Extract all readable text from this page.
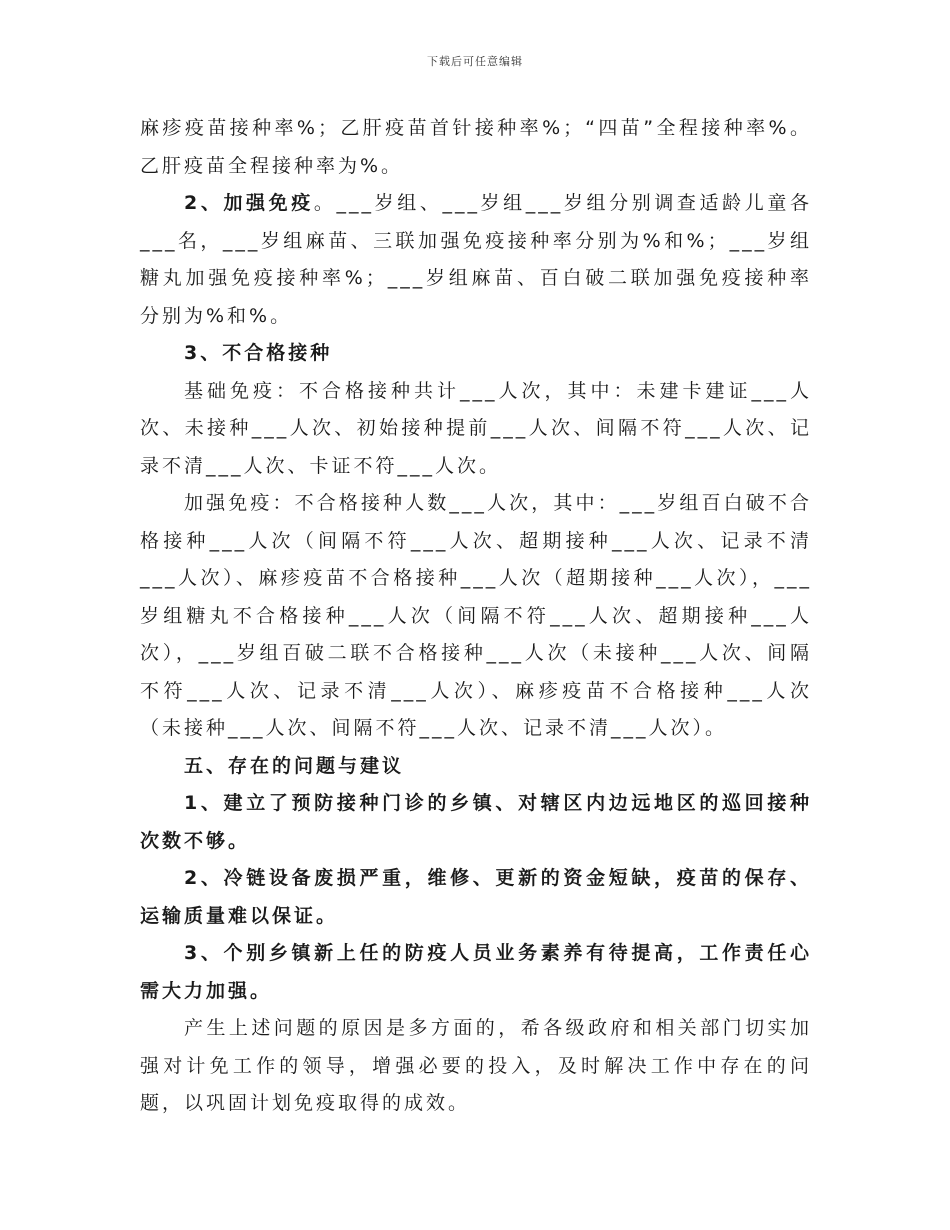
下载后可任意编辑

麻疹疫苗接种率%；乙肝疫苗首针接种率%；“四苗”全程接种率%。乙肝疫苗全程接种率为%。

2、加强免疫。___岁组、___岁组___岁组分别调查适龄儿童各___名，___岁组麻苗、三联加强免疫接种率分别为%和%；___岁组糖丸加强免疫接种率%；___岁组麻苗、百白破二联加强免疫接种率分别为%和%。

3、不合格接种

基础免疫：不合格接种共计___人次，其中：未建卡建证___人次、未接种___人次、初始接种提前___人次、间隔不符___人次、记录不清___人次、卡证不符___人次。

加强免疫：不合格接种人数___人次，其中：___岁组百白破不合格接种___人次（间隔不符___人次、超期接种___人次、记录不清___人次）、麻疹疫苗不合格接种___人次（超期接种___人次），___岁组糖丸不合格接种___人次（间隔不符___人次、超期接种___人次），___岁组百破二联不合格接种___人次（未接种___人次、间隔不符___人次、记录不清___人次）、麻疹疫苗不合格接种___人次（未接种___人次、间隔不符___人次、记录不清___人次）。

五、存在的问题与建议

1、建立了预防接种门诊的乡镇、对辖区内边远地区的巡回接种次数不够。

2、冷链设备废损严重，维修、更新的资金短缺，疫苗的保存、运输质量难以保证。

3、个别乡镇新上任的防疫人员业务素养有待提高，工作责任心需大力加强。

产生上述问题的原因是多方面的，希各级政府和相关部门切实加强对计免工作的领导，增强必要的投入，及时解决工作中存在的问题，以巩固计划免疫取得的成效。
